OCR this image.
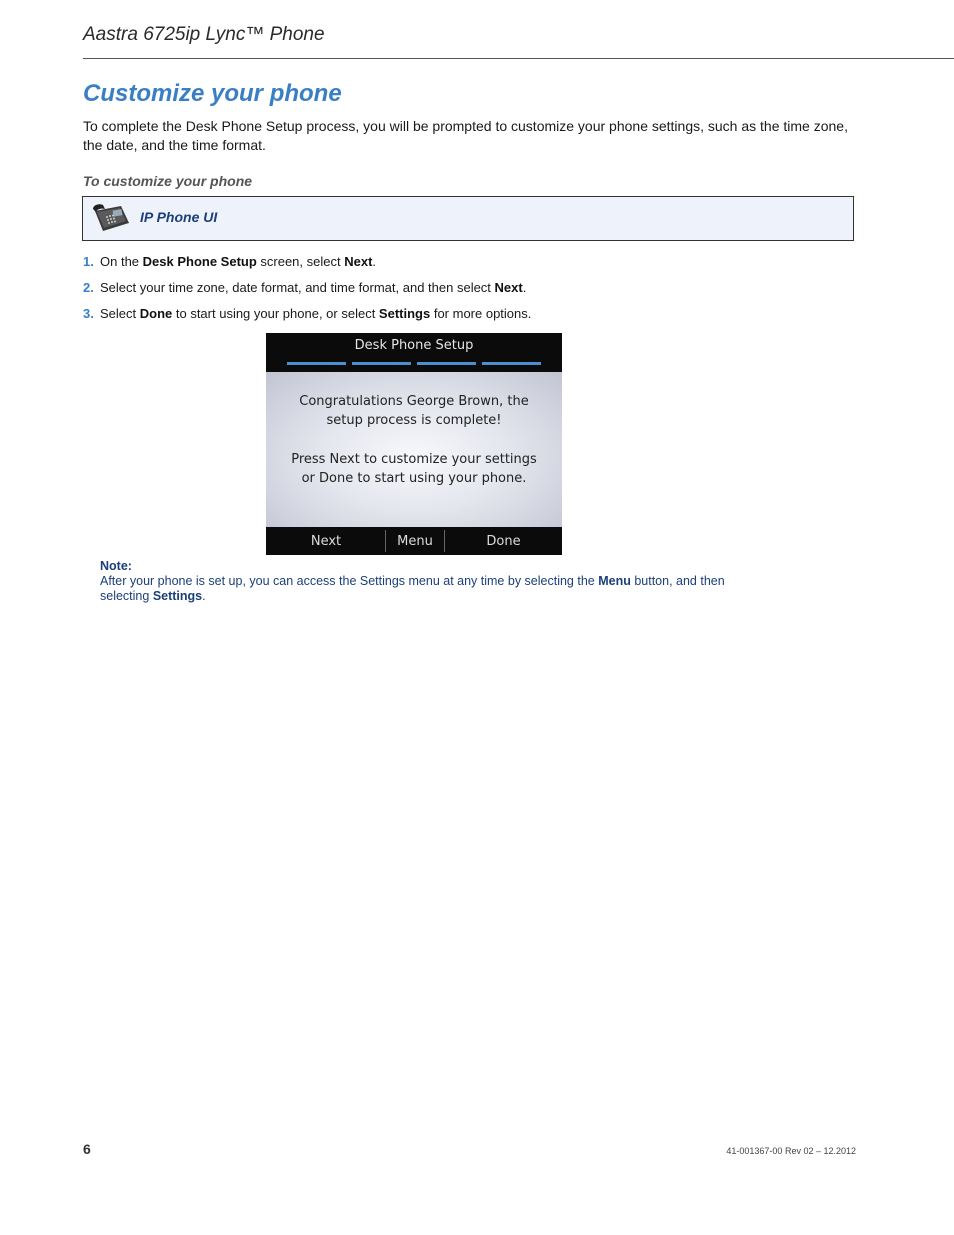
Aastra 6725ip Lync™ Phone
Customize your phone
To complete the Desk Phone Setup process, you will be prompted to customize your phone settings, such as the time zone, the date, and the time format.
To customize your phone
IP Phone UI
1. On the Desk Phone Setup screen, select Next.
2. Select your time zone, date format, and time format, and then select Next.
3. Select Done to start using your phone, or select Settings for more options.
Desk Phone Setup
Congratulations George Brown, the
setup process is complete!
Press Next to customize your settings
or Done to start using your phone.
Next	Menu	Done
Note:
After your phone is set up, you can access the Settings menu at any time by selecting the Menu button, and then selecting Settings.
6	41-001367-00 Rev 02 – 12.2012
